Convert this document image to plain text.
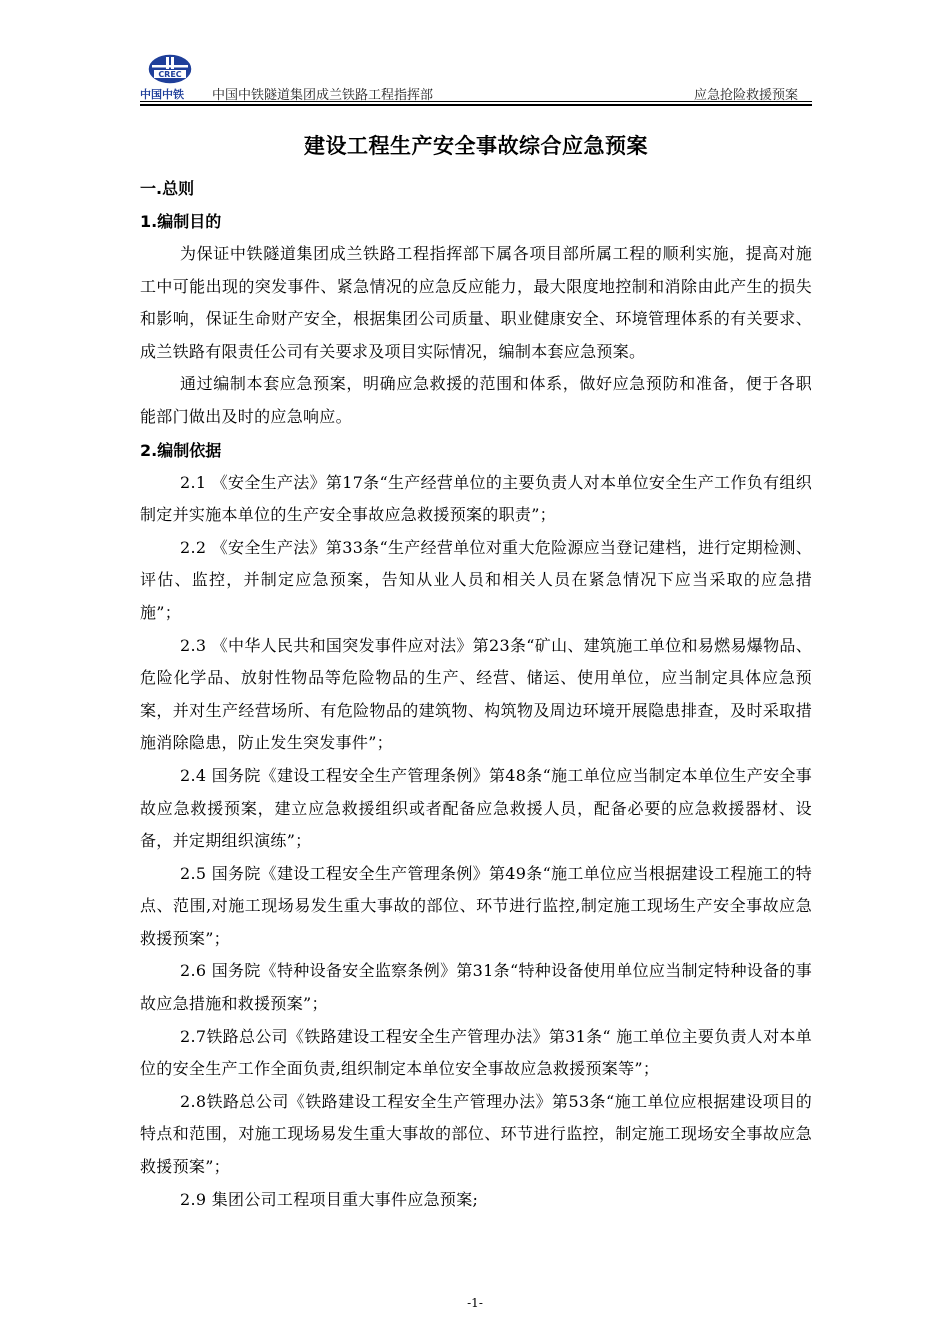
CREC
中国中铁 中国中铁隧道集团成兰铁路工程指挥部	应急抢险救援预案
建设工程生产安全事故综合应急预案
一.总则
1.编制目的

为保证中铁隧道集团成兰铁路工程指挥部下属各项目部所属工程的顺利实施，提高对施工中可能出现的突发事件、紧急情况的应急反应能力，最大限度地控制和消除由此产生的损失和影响，保证生命财产安全，根据集团公司质量、职业健康安全、环境管理体系的有关要求、成兰铁路有限责任公司有关要求及项目实际情况，编制本套应急预案。

通过编制本套应急预案，明确应急救援的范围和体系，做好应急预防和准备，便于各职能部门做出及时的应急响应。

2.编制依据

2.1 《安全生产法》第17条“生产经营单位的主要负责人对本单位安全生产工作负有组织制定并实施本单位的生产安全事故应急救援预案的职责”；

2.2 《安全生产法》第33条“生产经营单位对重大危险源应当登记建档，进行定期检测、评估、监控，并制定应急预案，告知从业人员和相关人员在紧急情况下应当采取的应急措施”；

2.3 《中华人民共和国突发事件应对法》第23条“矿山、建筑施工单位和易燃易爆物品、危险化学品、放射性物品等危险物品的生产、经营、储运、使用单位，应当制定具体应急预案，并对生产经营场所、有危险物品的建筑物、构筑物及周边环境开展隐患排查，及时采取措施消除隐患，防止发生突发事件”；

2.4 国务院《建设工程安全生产管理条例》第48条“施工单位应当制定本单位生产安全事故应急救援预案，建立应急救援组织或者配备应急救援人员，配备必要的应急救援器材、设备，并定期组织演练”；

2.5 国务院《建设工程安全生产管理条例》第49条“施工单位应当根据建设工程施工的特点、范围,对施工现场易发生重大事故的部位、环节进行监控,制定施工现场生产安全事故应急救援预案”；

2.6 国务院《特种设备安全监察条例》第31条“特种设备使用单位应当制定特种设备的事故应急措施和救援预案”；

2.7铁路总公司《铁路建设工程安全生产管理办法》第31条“ 施工单位主要负责人对本单位的安全生产工作全面负责,组织制定本单位安全事故应急救援预案等”；

2.8铁路总公司《铁路建设工程安全生产管理办法》第53条“施工单位应根据建设项目的特点和范围，对施工现场易发生重大事故的部位、环节进行监控，制定施工现场安全事故应急救援预案”；

2.9 集团公司工程项目重大事件应急预案;

-1-
